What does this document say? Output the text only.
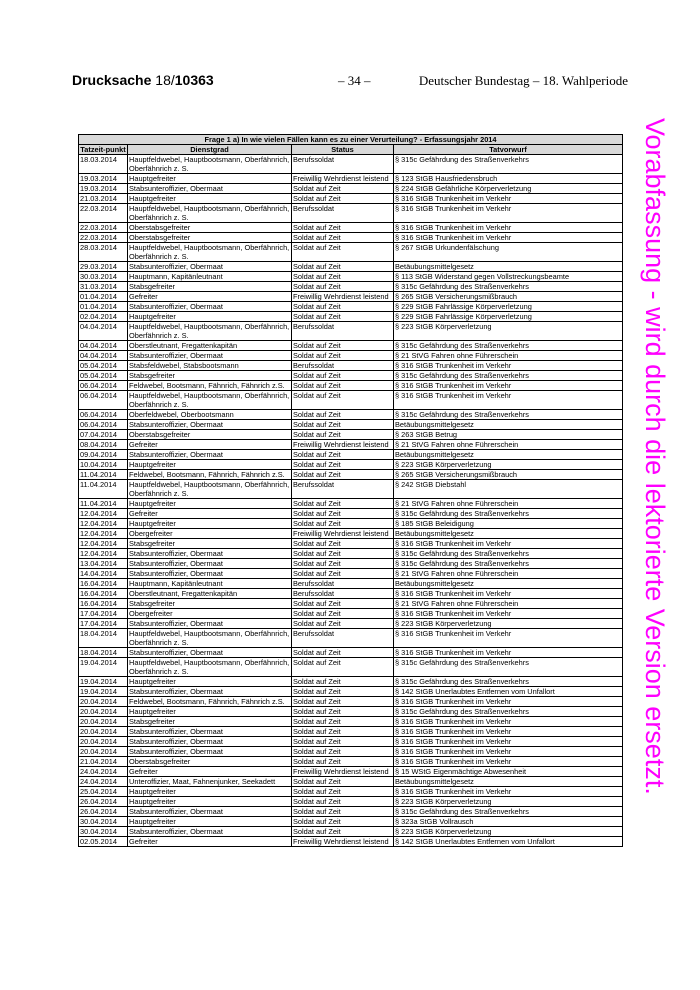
Drucksache 18/10363	– 34 –	Deutscher Bundestag – 18. Wahlperiode
Vorabfassung - wird durch die lektorierte Version ersetzt.
Frage 1 a) In wie vielen Fällen kann es zu einer Verurteilung? - Erfassungsjahr 2014			
Tatzeit-punkt	Dienstgrad	Status	Tatvorwurf
18.03.2014	Hauptfeldwebel, Hauptbootsmann, Oberfähnrich, Oberfähnrich z. S.	Berufssoldat	§ 315c Gefährdung des Straßenverkehrs
19.03.2014	Hauptgefreiter	Freiwillig Wehrdienst leistend	§ 123 StGB Hausfriedensbruch
19.03.2014	Stabsunteroffizier, Obermaat	Soldat auf Zeit	§ 224 StGB Gefährliche Körperverletzung
21.03.2014	Hauptgefreiter	Soldat auf Zeit	§ 316 StGB Trunkenheit im Verkehr
22.03.2014	Hauptfeldwebel, Hauptbootsmann, Oberfähnrich, Oberfähnrich z. S.	Berufssoldat	§ 316 StGB Trunkenheit im Verkehr
22.03.2014	Oberstabsgefreiter	Soldat auf Zeit	§ 316 StGB Trunkenheit im Verkehr
22.03.2014	Oberstabsgefreiter	Soldat auf Zeit	§ 316 StGB Trunkenheit im Verkehr
28.03.2014	Hauptfeldwebel, Hauptbootsmann, Oberfähnrich, Oberfähnrich z. S.	Soldat auf Zeit	§ 267 StGB Urkundenfälschung
29.03.2014	Stabsunteroffizier, Obermaat	Soldat auf Zeit	Betäubungsmittelgesetz
30.03.2014	Hauptmann, Kapitänleutnant	Soldat auf Zeit	§ 113 StGB Widerstand gegen Vollstreckungsbeamte
31.03.2014	Stabsgefreiter	Soldat auf Zeit	§ 315c Gefährdung des Straßenverkehrs
01.04.2014	Gefreiter	Freiwillig Wehrdienst leistend	§ 265 StGB Versicherungsmißbrauch
01.04.2014	Stabsunteroffizier, Obermaat	Soldat auf Zeit	§ 229 StGB Fahrlässige Körperverletzung
02.04.2014	Hauptgefreiter	Soldat auf Zeit	§ 229 StGB Fahrlässige Körperverletzung
04.04.2014	Hauptfeldwebel, Hauptbootsmann, Oberfähnrich, Oberfähnrich z. S.	Berufssoldat	§ 223 StGB Körperverletzung
04.04.2014	Oberstleutnant, Fregattenkapitän	Soldat auf Zeit	§ 315c Gefährdung des Straßenverkehrs
04.04.2014	Stabsunteroffizier, Obermaat	Soldat auf Zeit	§ 21 StVG Fahren ohne Führerschein
05.04.2014	Stabsfeldwebel, Stabsbootsmann	Berufssoldat	§ 316 StGB Trunkenheit im Verkehr
05.04.2014	Stabsgefreiter	Soldat auf Zeit	§ 315c Gefährdung des Straßenverkehrs
06.04.2014	Feldwebel, Bootsmann, Fähnrich, Fähnrich z.S.	Soldat auf Zeit	§ 316 StGB Trunkenheit im Verkehr
06.04.2014	Hauptfeldwebel, Hauptbootsmann, Oberfähnrich, Oberfähnrich z. S.	Soldat auf Zeit	§ 316 StGB Trunkenheit im Verkehr
06.04.2014	Oberfeldwebel, Oberbootsmann	Soldat auf Zeit	§ 315c Gefährdung des Straßenverkehrs
06.04.2014	Stabsunteroffizier, Obermaat	Soldat auf Zeit	Betäubungsmittelgesetz
07.04.2014	Oberstabsgefreiter	Soldat auf Zeit	§ 263 StGB Betrug
08.04.2014	Gefreiter	Freiwillig Wehrdienst leistend	§ 21 StVG Fahren ohne Führerschein
09.04.2014	Stabsunteroffizier, Obermaat	Soldat auf Zeit	Betäubungsmittelgesetz
10.04.2014	Hauptgefreiter	Soldat auf Zeit	§ 223 StGB Körperverletzung
11.04.2014	Feldwebel, Bootsmann, Fähnrich, Fähnrich z.S.	Soldat auf Zeit	§ 265 StGB Versicherungsmißbrauch
11.04.2014	Hauptfeldwebel, Hauptbootsmann, Oberfähnrich, Oberfähnrich z. S.	Berufssoldat	§ 242 StGB Diebstahl
11.04.2014	Hauptgefreiter	Soldat auf Zeit	§ 21 StVG Fahren ohne Führerschein
12.04.2014	Gefreiter	Soldat auf Zeit	§ 315c Gefährdung des Straßenverkehrs
12.04.2014	Hauptgefreiter	Soldat auf Zeit	§ 185 StGB Beleidigung
12.04.2014	Obergefreiter	Freiwillig Wehrdienst leistend	Betäubungsmittelgesetz
12.04.2014	Stabsgefreiter	Soldat auf Zeit	§ 316 StGB Trunkenheit im Verkehr
12.04.2014	Stabsunteroffizier, Obermaat	Soldat auf Zeit	§ 315c Gefährdung des Straßenverkehrs
13.04.2014	Stabsunteroffizier, Obermaat	Soldat auf Zeit	§ 315c Gefährdung des Straßenverkehrs
14.04.2014	Stabsunteroffizier, Obermaat	Soldat auf Zeit	§ 21 StVG Fahren ohne Führerschein
16.04.2014	Hauptmann, Kapitänleutnant	Berufssoldat	Betäubungsmittelgesetz
16.04.2014	Oberstleutnant, Fregattenkapitän	Berufssoldat	§ 316 StGB Trunkenheit im Verkehr
16.04.2014	Stabsgefreiter	Soldat auf Zeit	§ 21 StVG Fahren ohne Führerschein
17.04.2014	Obergefreiter	Soldat auf Zeit	§ 316 StGB Trunkenheit im Verkehr
17.04.2014	Stabsunteroffizier, Obermaat	Soldat auf Zeit	§ 223 StGB Körperverletzung
18.04.2014	Hauptfeldwebel, Hauptbootsmann, Oberfähnrich, Oberfähnrich z. S.	Berufssoldat	§ 316 StGB Trunkenheit im Verkehr
18.04.2014	Stabsunteroffizier, Obermaat	Soldat auf Zeit	§ 316 StGB Trunkenheit im Verkehr
19.04.2014	Hauptfeldwebel, Hauptbootsmann, Oberfähnrich, Oberfähnrich z. S.	Soldat auf Zeit	§ 315c Gefährdung des Straßenverkehrs
19.04.2014	Hauptgefreiter	Soldat auf Zeit	§ 315c Gefährdung des Straßenverkehrs
19.04.2014	Stabsunteroffizier, Obermaat	Soldat auf Zeit	§ 142 StGB Unerlaubtes Entfernen vom Unfallort
20.04.2014	Feldwebel, Bootsmann, Fähnrich, Fähnrich z.S.	Soldat auf Zeit	§ 316 StGB Trunkenheit im Verkehr
20.04.2014	Hauptgefreiter	Soldat auf Zeit	§ 315c Gefährdung des Straßenverkehrs
20.04.2014	Stabsgefreiter	Soldat auf Zeit	§ 316 StGB Trunkenheit im Verkehr
20.04.2014	Stabsunteroffizier, Obermaat	Soldat auf Zeit	§ 316 StGB Trunkenheit im Verkehr
20.04.2014	Stabsunteroffizier, Obermaat	Soldat auf Zeit	§ 316 StGB Trunkenheit im Verkehr
20.04.2014	Stabsunteroffizier, Obermaat	Soldat auf Zeit	§ 316 StGB Trunkenheit im Verkehr
21.04.2014	Oberstabsgefreiter	Soldat auf Zeit	§ 316 StGB Trunkenheit im Verkehr
24.04.2014	Gefreiter	Freiwillig Wehrdienst leistend	§ 15 WStG Eigenmächtige Abwesenheit
24.04.2014	Unteroffizier, Maat, Fahnenjunker, Seekadett	Soldat auf Zeit	Betäubungsmittelgesetz
25.04.2014	Hauptgefreiter	Soldat auf Zeit	§ 316 StGB Trunkenheit im Verkehr
26.04.2014	Hauptgefreiter	Soldat auf Zeit	§ 223 StGB Körperverletzung
26.04.2014	Stabsunteroffizier, Obermaat	Soldat auf Zeit	§ 315c Gefährdung des Straßenverkehrs
30.04.2014	Hauptgefreiter	Soldat auf Zeit	§ 323a StGB Vollrausch
30.04.2014	Stabsunteroffizier, Obermaat	Soldat auf Zeit	§ 223 StGB Körperverletzung
02.05.2014	Gefreiter	Freiwillig Wehrdienst leistend	§ 142 StGB Unerlaubtes Entfernen vom Unfallort
